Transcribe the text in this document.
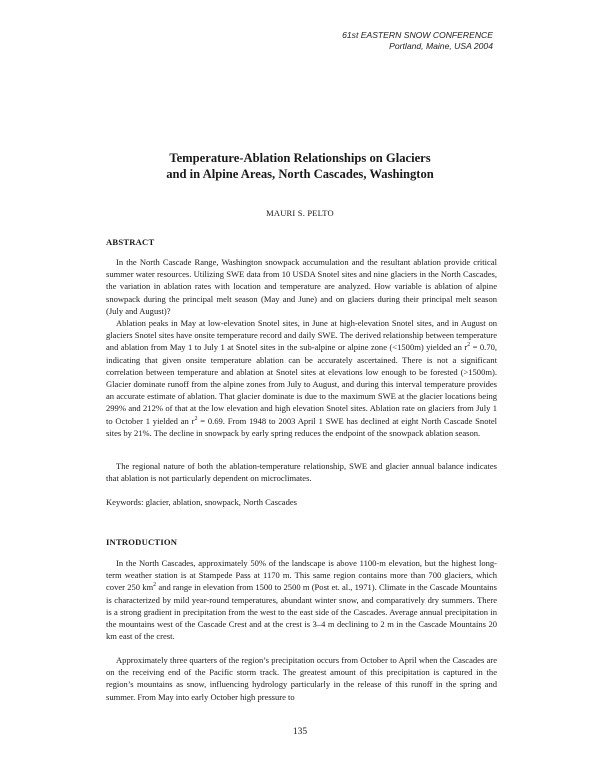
61st EASTERN SNOW CONFERENCE
Portland, Maine, USA 2004
Temperature-Ablation Relationships on Glaciers
and in Alpine Areas, North Cascades, Washington
MAURI S. PELTO
ABSTRACT

In the North Cascade Range, Washington snowpack accumulation and the resultant ablation provide critical summer water resources. Utilizing SWE data from 10 USDA Snotel sites and nine glaciers in the North Cascades, the variation in ablation rates with location and temperature are analyzed. How variable is ablation of alpine snowpack during the principal melt season (May and June) and on glaciers during their principal melt season (July and August)?

Ablation peaks in May at low-elevation Snotel sites, in June at high-elevation Snotel sites, and in August on glaciers Snotel sites have onsite temperature record and daily SWE. The derived relationship between temperature and ablation from May 1 to July 1 at Snotel sites in the sub-alpine or alpine zone (<1500m) yielded an $r^2 = 0.70$, indicating that given onsite temperature ablation can be accurately ascertained. There is not a significant correlation between temperature and ablation at Snotel sites at elevations low enough to be forested (>1500m). Glacier dominate runoff from the alpine zones from July to August, and during this interval temperature provides an accurate estimate of ablation. That glacier dominate is due to the maximum SWE at the glacier locations being 299% and 212% of that at the low elevation and high elevation Snotel sites. Ablation rate on glaciers from July 1 to October 1 yielded an $r^2 = 0.69$. From 1948 to 2003 April 1 SWE has declined at eight North Cascade Snotel sites by 21%. The decline in snowpack by early spring reduces the endpoint of the snowpack ablation season.

The regional nature of both the ablation-temperature relationship, SWE and glacier annual balance indicates that ablation is not particularly dependent on microclimates.

Keywords: glacier, ablation, snowpack, North Cascades

INTRODUCTION

In the North Cascades, approximately 50% of the landscape is above 1100-m elevation, but the highest long-term weather station is at Stampede Pass at 1170 m. This same region contains more than 700 glaciers, which cover 250 $km^2$ and range in elevation from 1500 to 2500 m (Post et. al., 1971). Climate in the Cascade Mountains is characterized by mild year-round temperatures, abundant winter snow, and comparatively dry summers. There is a strong gradient in precipitation from the west to the east side of the Cascades. Average annual precipitation in the mountains west of the Cascade Crest and at the crest is 3–4 m declining to 2 m in the Cascade Mountains 20 km east of the crest.

Approximately three quarters of the region’s precipitation occurs from October to April when the Cascades are on the receiving end of the Pacific storm track. The greatest amount of this precipitation is captured in the region’s mountains as snow, influencing hydrology particularly in the release of this runoff in the spring and summer. From May into early October high pressure to

135
